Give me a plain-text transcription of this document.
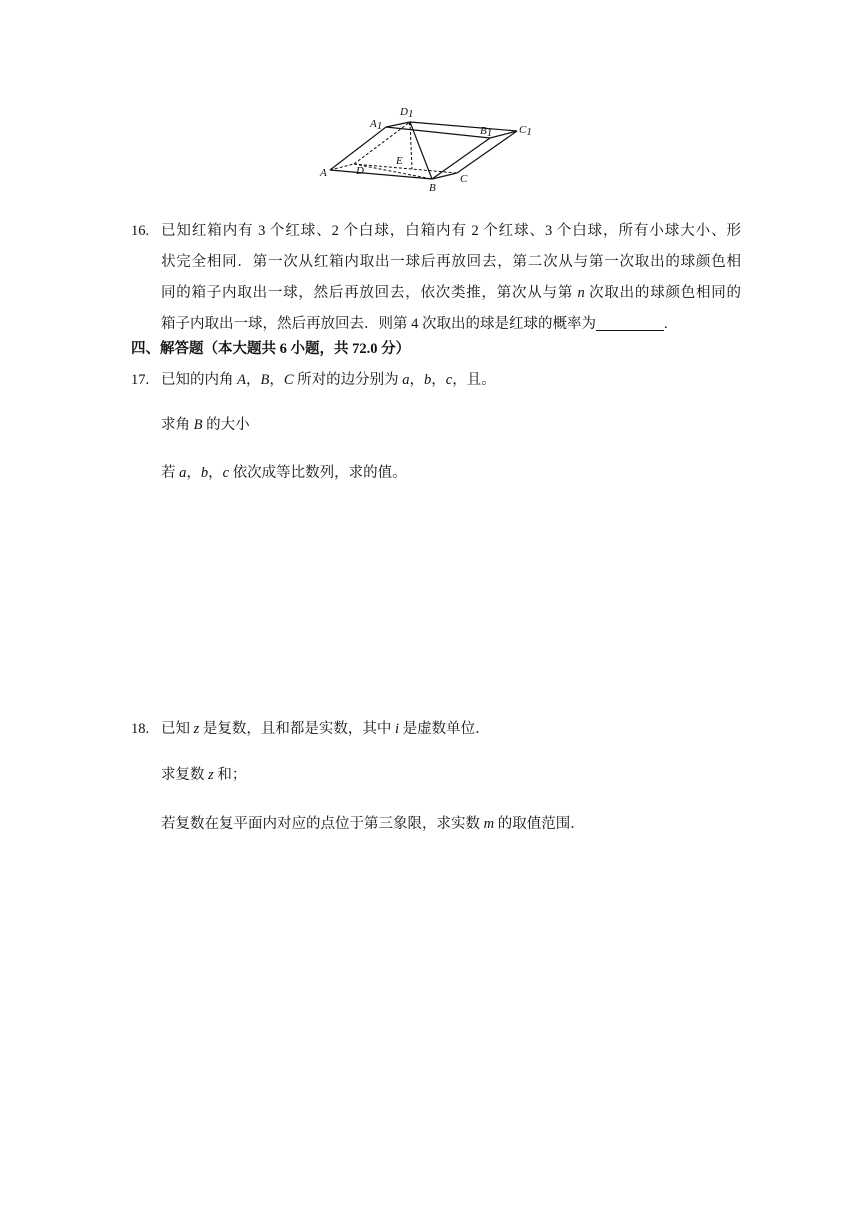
A1
D1
B1 C1
A	D
E
B
C
16. 已知红箱内有 3 个红球、2 个白球，白箱内有 2 个红球、3 个白球，所有小球大小、形
状完全相同．第一次从红箱内取出一球后再放回去，第二次从与第一次取出的球颜色相
同的箱子内取出一球，然后再放回去，依次类推，第次从与第 n 次取出的球颜色相同的
箱子内取出一球，然后再放回去．则第 4 次取出的球是红球的概率为	.
四、解答题（本大题共 6 小题，共 72.0 分）
17. 已知的内角 A，B，C 所对的边分别为 a，b，c，且。
求角 B 的大小
若 a，b，c 依次成等比数列，求的值。
18. 已知 z 是复数，且和都是实数，其中 i 是虚数单位．
求复数 z 和；
若复数在复平面内对应的点位于第三象限，求实数 m 的取值范围．
